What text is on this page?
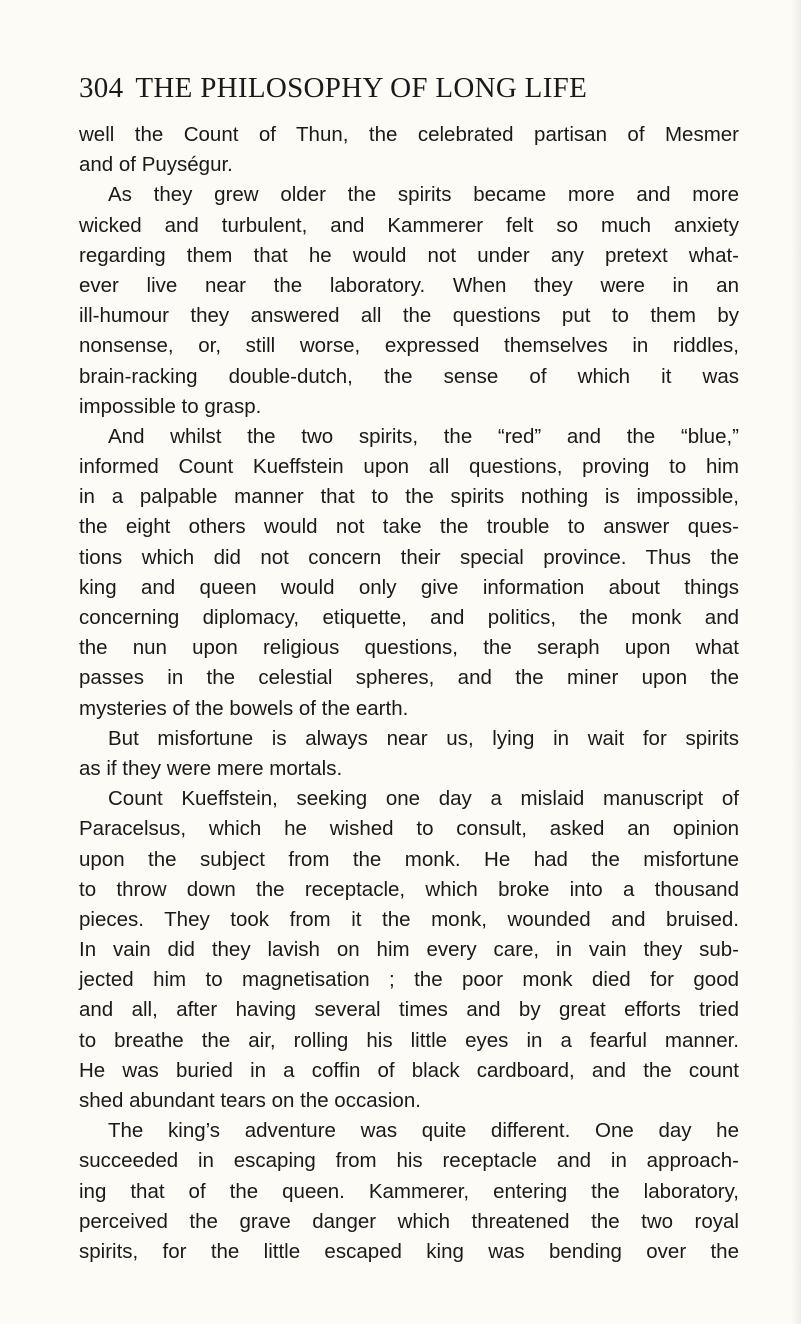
304 THE PHILOSOPHY OF LONG LIFE
well the Count of Thun, the celebrated partisan of Mesmer
and of Puységur.
As they grew older the spirits became more and more
wicked and turbulent, and Kammerer felt so much anxiety
regarding them that he would not under any pretext what-
ever live near the laboratory. When they were in an
ill-humour they answered all the questions put to them by
nonsense, or, still worse, expressed themselves in riddles,
brain-racking double-dutch, the sense of which it was
impossible to grasp.
And whilst the two spirits, the “red” and the “blue,”
informed Count Kueffstein upon all questions, proving to him
in a palpable manner that to the spirits nothing is impossible,
the eight others would not take the trouble to answer ques-
tions which did not concern their special province. Thus the
king and queen would only give information about things
concerning diplomacy, etiquette, and politics, the monk and
the nun upon religious questions, the seraph upon what
passes in the celestial spheres, and the miner upon the
mysteries of the bowels of the earth.
But misfortune is always near us, lying in wait for spirits
as if they were mere mortals.
Count Kueffstein, seeking one day a mislaid manuscript of
Paracelsus, which he wished to consult, asked an opinion
upon the subject from the monk. He had the misfortune
to throw down the receptacle, which broke into a thousand
pieces. They took from it the monk, wounded and bruised.
In vain did they lavish on him every care, in vain they sub-
jected him to magnetisation ; the poor monk died for good
and all, after having several times and by great efforts tried
to breathe the air, rolling his little eyes in a fearful manner.
He was buried in a coffin of black cardboard, and the count
shed abundant tears on the occasion.
The king’s adventure was quite different. One day he
succeeded in escaping from his receptacle and in approach-
ing that of the queen. Kammerer, entering the laboratory,
perceived the grave danger which threatened the two royal
spirits, for the little escaped king was bending over the
